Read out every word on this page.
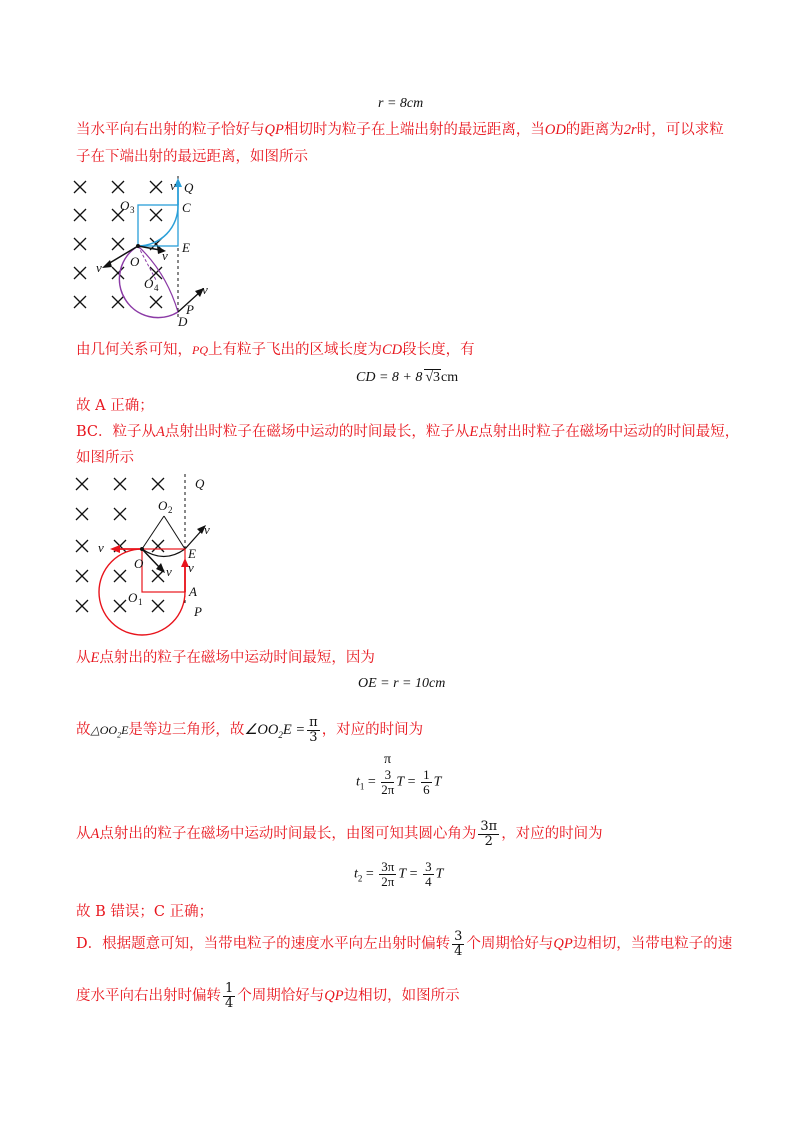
r = 8cm
当水平向右出射的粒子恰好与QP相切时为粒子在上端出射的最远距离，当OD的距离为2r时，可以求粒
子在下端出射的最远距离，如图所示
v Q
O 3	C
E
v O v
O 4	v
P
D
由几何关系可知，PQ上有粒子飞出的区域长度为CD段长度，有
CD = 8 + 8 √3cm
故 A 正确；
BC．粒子从A点射出时粒子在磁场中运动的时间最长，粒子从E点射出时粒子在磁场中运动的时间最短，
如图所示
Q
O 2
v
v	E
O
v v
O 1
A
P
从E点射出的粒子在磁场中运动时间最短，因为
OE = r = 10cm
故$\triangle OO_2E$是等边三角形，故$\angle OO_2E = \frac{\pi}{3}$ ，对应的时间为
π
$t_1 = \frac{3}{2\pi}$ $T = \frac{1}{6}$ T
从A点射出的粒子在磁场中运动时间最长，由图可知其圆心角为 $\frac{3\pi}{2}$ ，对应的时间为
$t_2 = \frac{3\pi}{2\pi}$ $T = \frac{3}{4}$ T
故 B 错误；C 正确；
D．根据题意可知，当带电粒子的速度水平向左出射时偏转 $\frac{3}{4}$ 个周期恰好与QP边相切，当带电粒子的速
度水平向右出射时偏转 $\frac{1}{4}$ 个周期恰好与QP边相切，如图所示
